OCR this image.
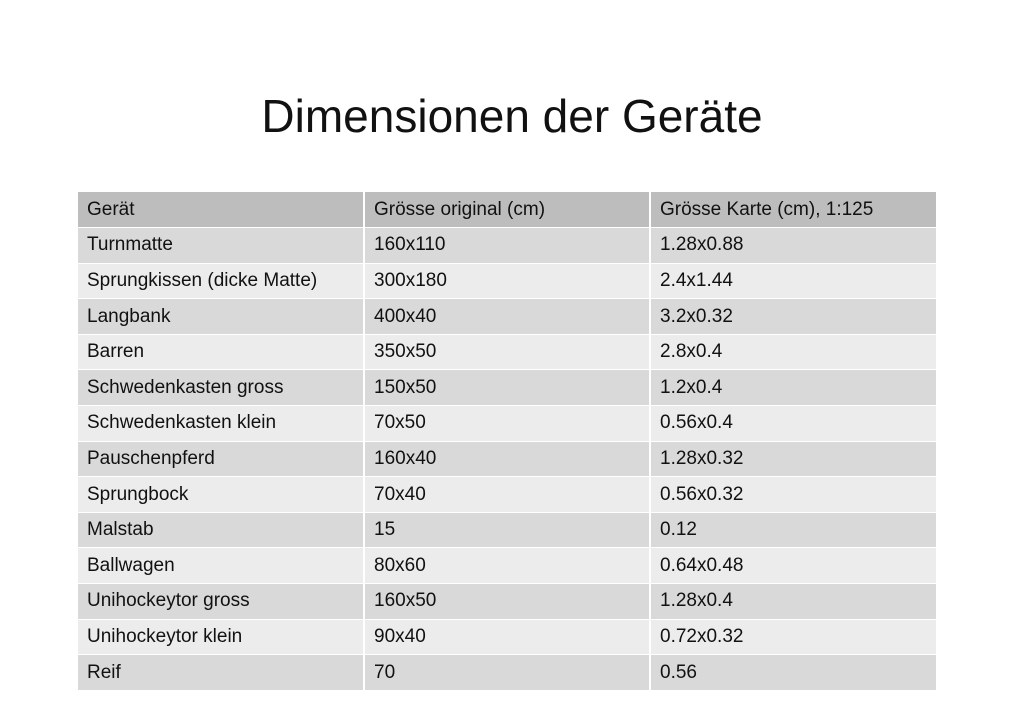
Dimensionen der Geräte
Gerät	Grösse original (cm)	Grösse Karte (cm), 1:125
Turnmatte	160x110	1.28x0.88
Sprungkissen (dicke Matte)	300x180	2.4x1.44
Langbank	400x40	3.2x0.32
Barren	350x50	2.8x0.4
Schwedenkasten gross	150x50	1.2x0.4
Schwedenkasten klein	70x50	0.56x0.4
Pauschenpferd	160x40	1.28x0.32
Sprungbock	70x40	0.56x0.32
Malstab	15	0.12
Ballwagen	80x60	0.64x0.48
Unihockeytor gross	160x50	1.28x0.4
Unihockeytor klein	90x40	0.72x0.32
Reif	70	0.56
